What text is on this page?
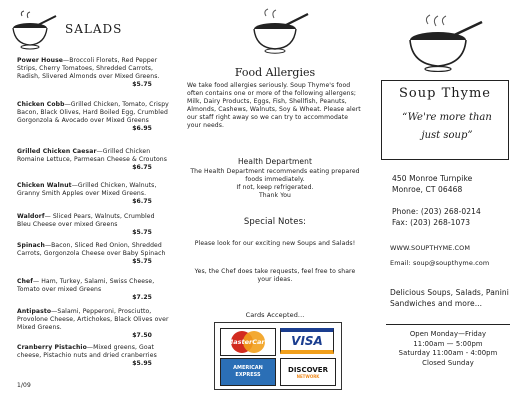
SALADS
Power House—Broccoli Florets, Red Pepper Strips, Cherry Tomatoes, Shredded Carrots, Radish, Slivered Almonds over Mixed Greens.
$5.75
Chicken Cobb—Grilled Chicken, Tomato, Crispy Bacon, Black Olives, Hard Boiled Egg, Crumbled Gorgonzola & Avocado over Mixed Greens
$6.95
Grilled Chicken Caesar—Grilled Chicken Romaine Lettuce, Parmesan Cheese & Croutons
$6.75
Chicken Walnut—Grilled Chicken, Walnuts, Granny Smith Apples over Mixed Greens.
$6.75
Waldorf— Sliced Pears, Walnuts, Crumbled Bleu Cheese over mixed Greens
$5.75
Spinach—Bacon, Sliced Red Onion, Shredded Carrots, Gorgonzola Cheese over Baby Spinach
$5.75
Chef— Ham, Turkey, Salami, Swiss Cheese, Tomato over mixed Greens
$7.25
Antipasto—Salami, Pepperoni, Prosciutto, Provolone Cheese, Artichokes, Black Olives over Mixed Greens.
$7.50
Cranberry Pistachio—Mixed greens, Goat cheese, Pistachio nuts and dried cranberries
$5.95
1/09
Food Allergies
We take food allergies seriously. Soup Thyme's food often contains one or more of the following allergens; Milk, Dairy Products, Eggs, Fish, Shellfish, Peanuts, Almonds, Cashews, Walnuts, Soy & Wheat. Please alert our staff right away so we can try to accommodate your needs.
Health Department
The Health Department recommends eating prepared foods immediately.
If not, keep refrigerated.
Thank You
Special Notes:
Please look for our exciting new Soups and Salads!
Yes, the Chef does take requests, feel free to share your ideas.
Cards Accepted...
MasterCard VISA
AMERICAN EXPRESS
DISCOVER
NETWORK
Soup Thyme
“We're more than just soup”
450 Monroe Turnpike
Monroe, CT 06468
Phone: (203) 268-0214
Fax: (203) 268-1073
WWW.SOUPTHYME.COM
Email: soup@soupthyme.com
Delicious Soups, Salads, Panini Sandwiches and more...
Open Monday—Friday
11:00am — 5:00pm
Saturday 11:00am - 4:00pm
Closed Sunday
